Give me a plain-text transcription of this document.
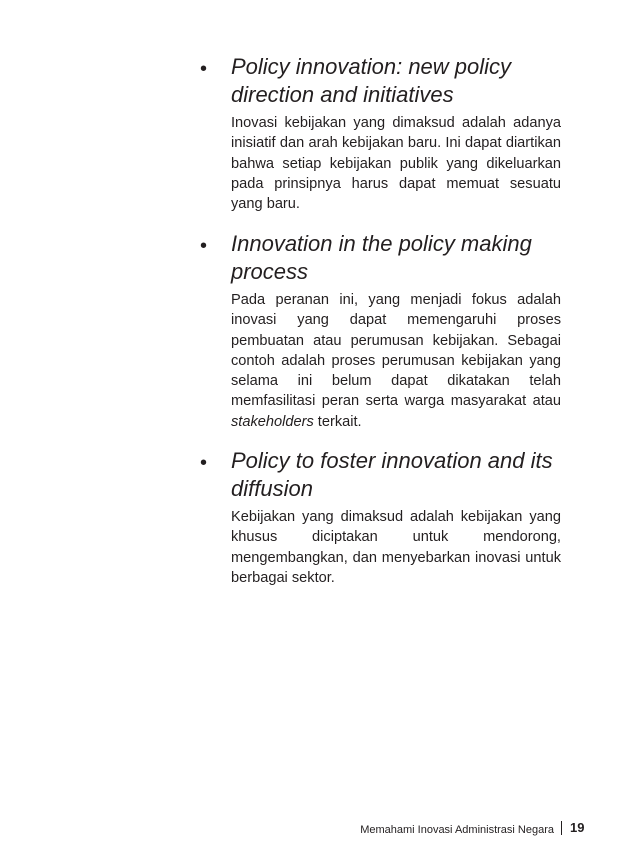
• Policy innovation: new policy direction and initiatives

Inovasi kebijakan yang dimaksud adalah adanya inisiatif dan arah kebijakan baru. Ini dapat diartikan bahwa setiap kebijakan publik yang dikeluarkan pada prinsipnya harus dapat memuat sesuatu yang baru.

• Innovation in the policy making process

Pada peranan ini, yang menjadi fokus adalah inovasi yang dapat memengaruhi proses pembuatan atau perumusan kebijakan. Sebagai contoh adalah proses perumusan kebijakan yang selama ini belum dapat dikatakan telah memfasilitasi peran serta warga masyarakat atau stakeholders terkait.

• Policy to foster innovation and its diffusion

Kebijakan yang dimaksud adalah kebijakan yang khusus diciptakan untuk mendorong, mengembangkan, dan menyebarkan inovasi untuk berbagai sektor.

Memahami Inovasi Administrasi Negara 19
